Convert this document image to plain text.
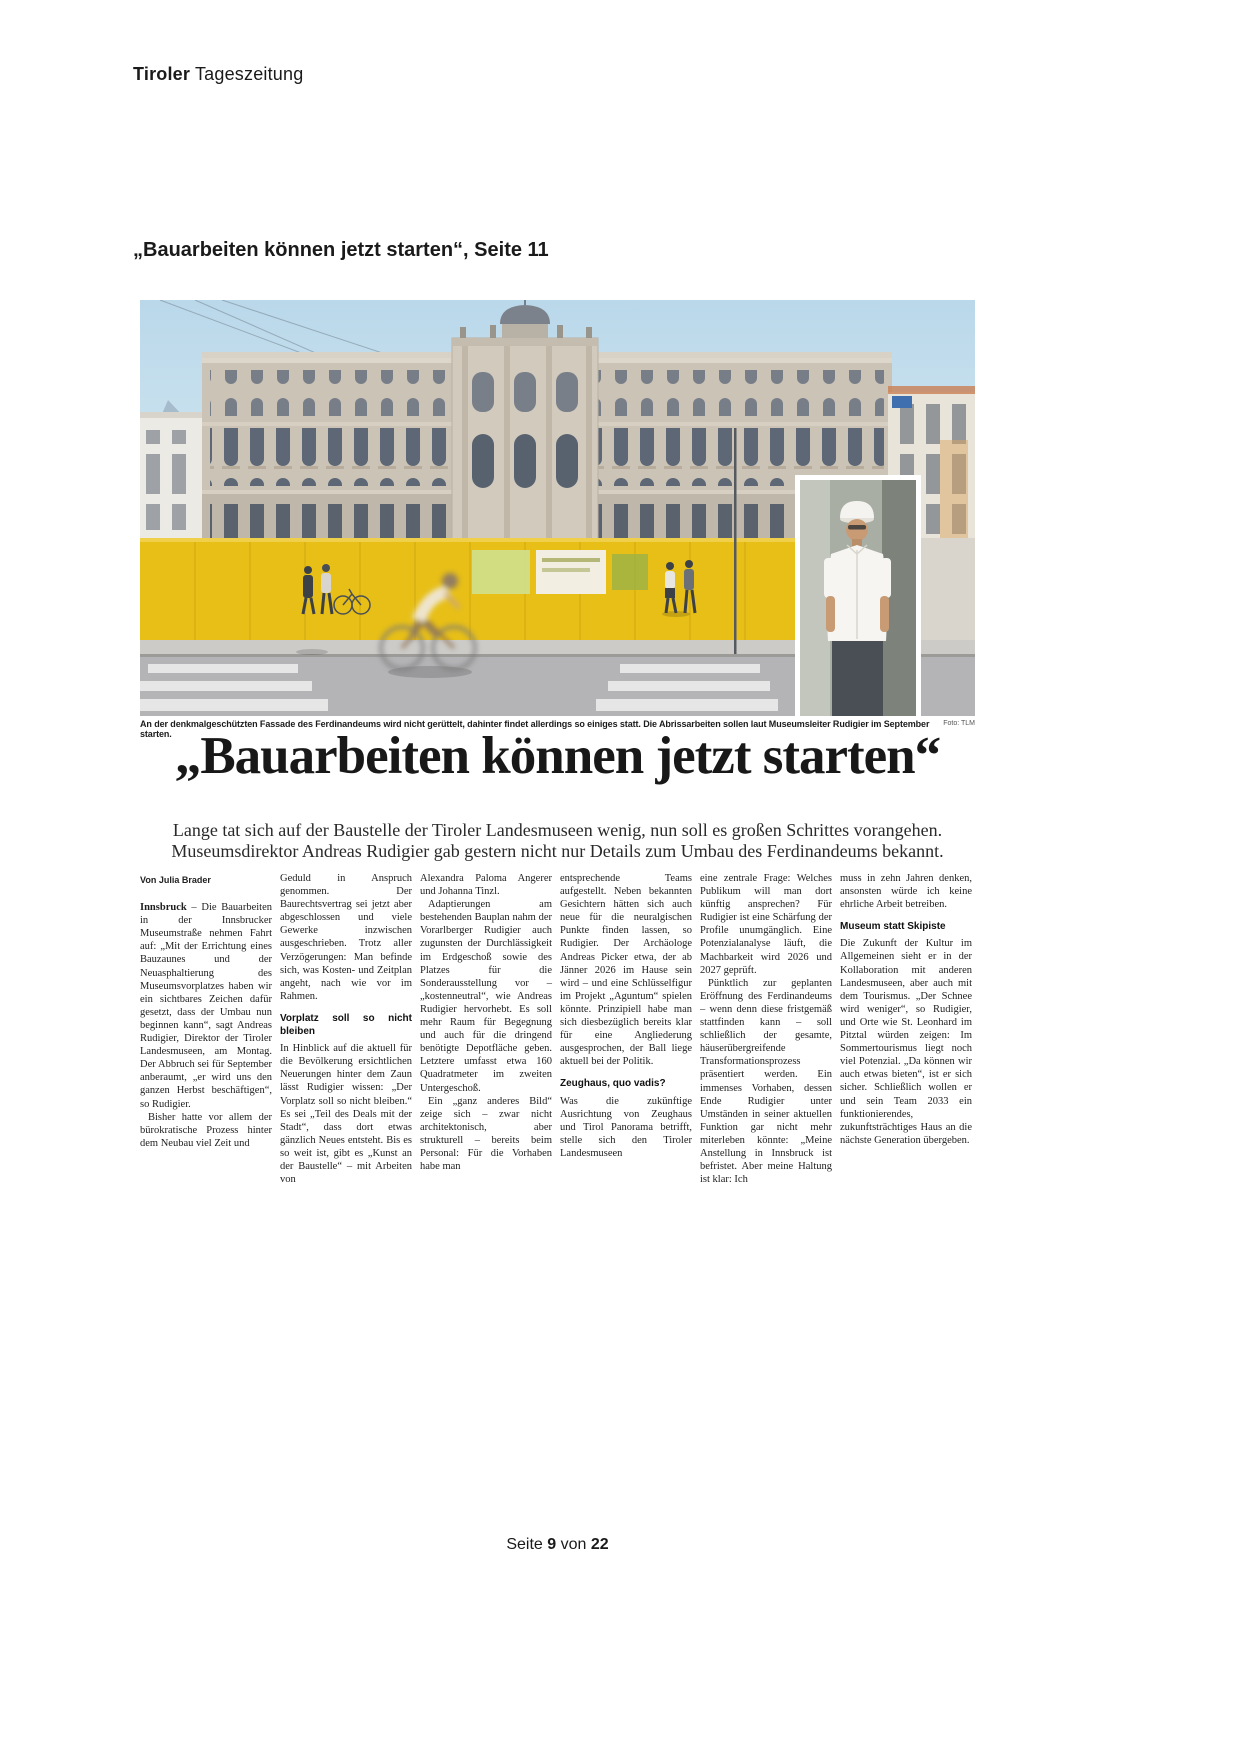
Tiroler Tageszeitung
„Bauarbeiten können jetzt starten“, Seite 11
An der denkmalgeschützten Fassade des Ferdinandeums wird nicht gerüttelt, dahinter findet allerdings so einiges statt. Die Abrissarbeiten sollen laut Museumsleiter Rudigier im September starten.
Foto: TLM
„Bauarbeiten können jetzt starten“
Lange tat sich auf der Baustelle der Tiroler Landesmuseen wenig, nun soll es großen Schrittes vorangehen.
Museumsdirektor Andreas Rudigier gab gestern nicht nur Details zum Umbau des Ferdinandeums bekannt.
Von Julia Brader

Innsbruck – Die Bauarbeiten in der Innsbrucker Museumstraße nehmen Fahrt auf: „Mit der Errichtung eines Bauzaunes und der Neuasphaltierung des Museumsvorplatzes haben wir ein sichtbares Zeichen dafür gesetzt, dass der Umbau nun beginnen kann“, sagt Andreas Rudigier, Direktor der Tiroler Landesmuseen, am Montag. Der Abbruch sei für September anberaumt, „er wird uns den ganzen Herbst beschäftigen“, so Rudigier.

Bisher hatte vor allem der bürokratische Prozess hinter dem Neubau viel Zeit und

Geduld in Anspruch genommen. Der Baurechtsvertrag sei jetzt aber abgeschlossen und viele Gewerke inzwischen ausgeschrieben. Trotz aller Verzögerungen: Man befinde sich, was Kosten- und Zeitplan angeht, nach wie vor im Rahmen.

Vorplatz soll so nicht bleiben

In Hinblick auf die aktuell für die Bevölkerung ersichtlichen Neuerungen hinter dem Zaun lässt Rudigier wissen: „Der Vorplatz soll so nicht bleiben.“ Es sei „Teil des Deals mit der Stadt“, dass dort etwas gänzlich Neues entsteht. Bis es so weit ist, gibt es „Kunst an der Baustelle“ – mit Arbeiten von

Alexandra Paloma Angerer und Johanna Tinzl.

Adaptierungen am bestehenden Bauplan nahm der Vorarlberger Rudigier auch zugunsten der Durchlässigkeit im Erdgeschoß sowie des Platzes für die Sonderausstellung vor – „kostenneutral“, wie Andreas Rudigier hervorhebt. Es soll mehr Raum für Begegnung und auch für die dringend benötigte Depotfläche geben. Letztere umfasst etwa 160 Quadratmeter im zweiten Untergeschoß.

Ein „ganz anderes Bild“ zeige sich – zwar nicht architektonisch, aber strukturell – bereits beim Personal: Für die Vorhaben habe man

entsprechende Teams aufgestellt. Neben bekannten Gesichtern hätten sich auch neue für die neuralgischen Punkte finden lassen, so Rudigier. Der Archäologe Andreas Picker etwa, der ab Jänner 2026 im Hause sein wird – und eine Schlüsselfigur im Projekt „Aguntum“ spielen könnte. Prinzipiell habe man sich diesbezüglich bereits klar für eine Angliederung ausgesprochen, der Ball liege aktuell bei der Politik.

Zeughaus, quo vadis?

Was die zukünftige Ausrichtung von Zeughaus und Tirol Panorama betrifft, stelle sich den Tiroler Landesmuseen

eine zentrale Frage: Welches Publikum will man dort künftig ansprechen? Für Rudigier ist eine Schärfung der Profile unumgänglich. Eine Potenzialanalyse läuft, die Machbarkeit wird 2026 und 2027 geprüft.

Pünktlich zur geplanten Eröffnung des Ferdinandeums – wenn denn diese fristgemäß stattfinden kann – soll schließlich der gesamte, häuserübergreifende Transformationsprozess präsentiert werden. Ein immenses Vorhaben, dessen Ende Rudigier unter Umständen in seiner aktuellen Funktion gar nicht mehr miterleben könnte: „Meine Anstellung in Innsbruck ist befristet. Aber meine Haltung ist klar: Ich

muss in zehn Jahren denken, ansonsten würde ich keine ehrliche Arbeit betreiben.

Museum statt Skipiste

Die Zukunft der Kultur im Allgemeinen sieht er in der Kollaboration mit anderen Landesmuseen, aber auch mit dem Tourismus. „Der Schnee wird weniger“, so Rudigier, und Orte wie St. Leonhard im Pitztal würden zeigen: Im Sommertourismus liegt noch viel Potenzial. „Da können wir auch etwas bieten“, ist er sich sicher. Schließlich wollen er und sein Team 2033 ein funktionierendes, zukunftsträchtiges Haus an die nächste Generation übergeben.

Seite 9 von 22
